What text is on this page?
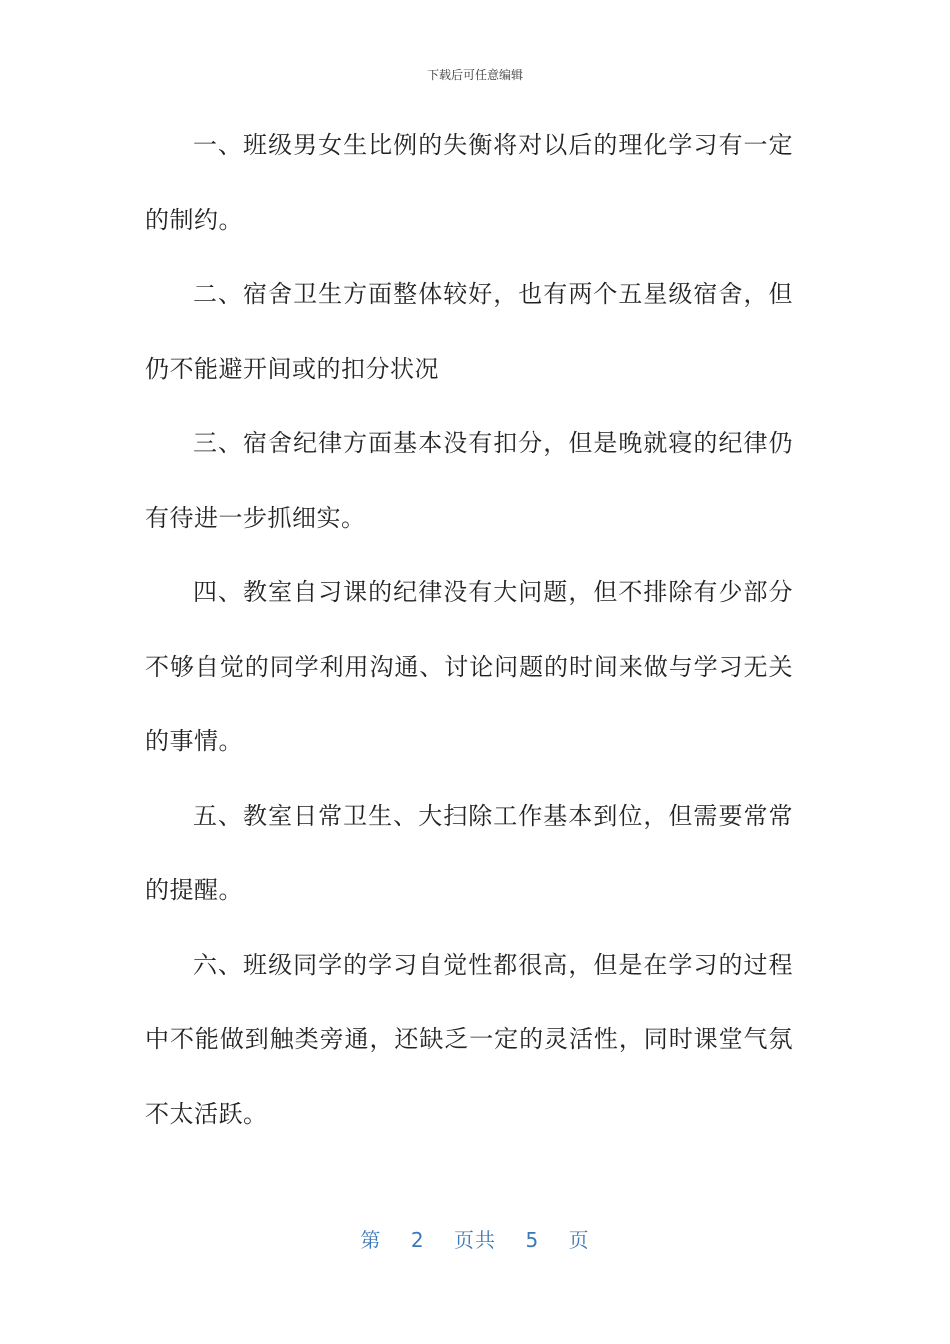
下载后可任意编辑

一、班级男女生比例的失衡将对以后的理化学习有一定的制约。

二、宿舍卫生方面整体较好，也有两个五星级宿舍，但仍不能避开间或的扣分状况

三、宿舍纪律方面基本没有扣分，但是晚就寝的纪律仍有待进一步抓细实。

四、教室自习课的纪律没有大问题，但不排除有少部分不够自觉的同学利用沟通、讨论问题的时间来做与学习无关的事情。

五、教室日常卫生、大扫除工作基本到位，但需要常常的提醒。

六、班级同学的学习自觉性都很高，但是在学习的过程中不能做到触类旁通，还缺乏一定的灵活性，同时课堂气氛不太活跃。

第 2 页共 5 页
